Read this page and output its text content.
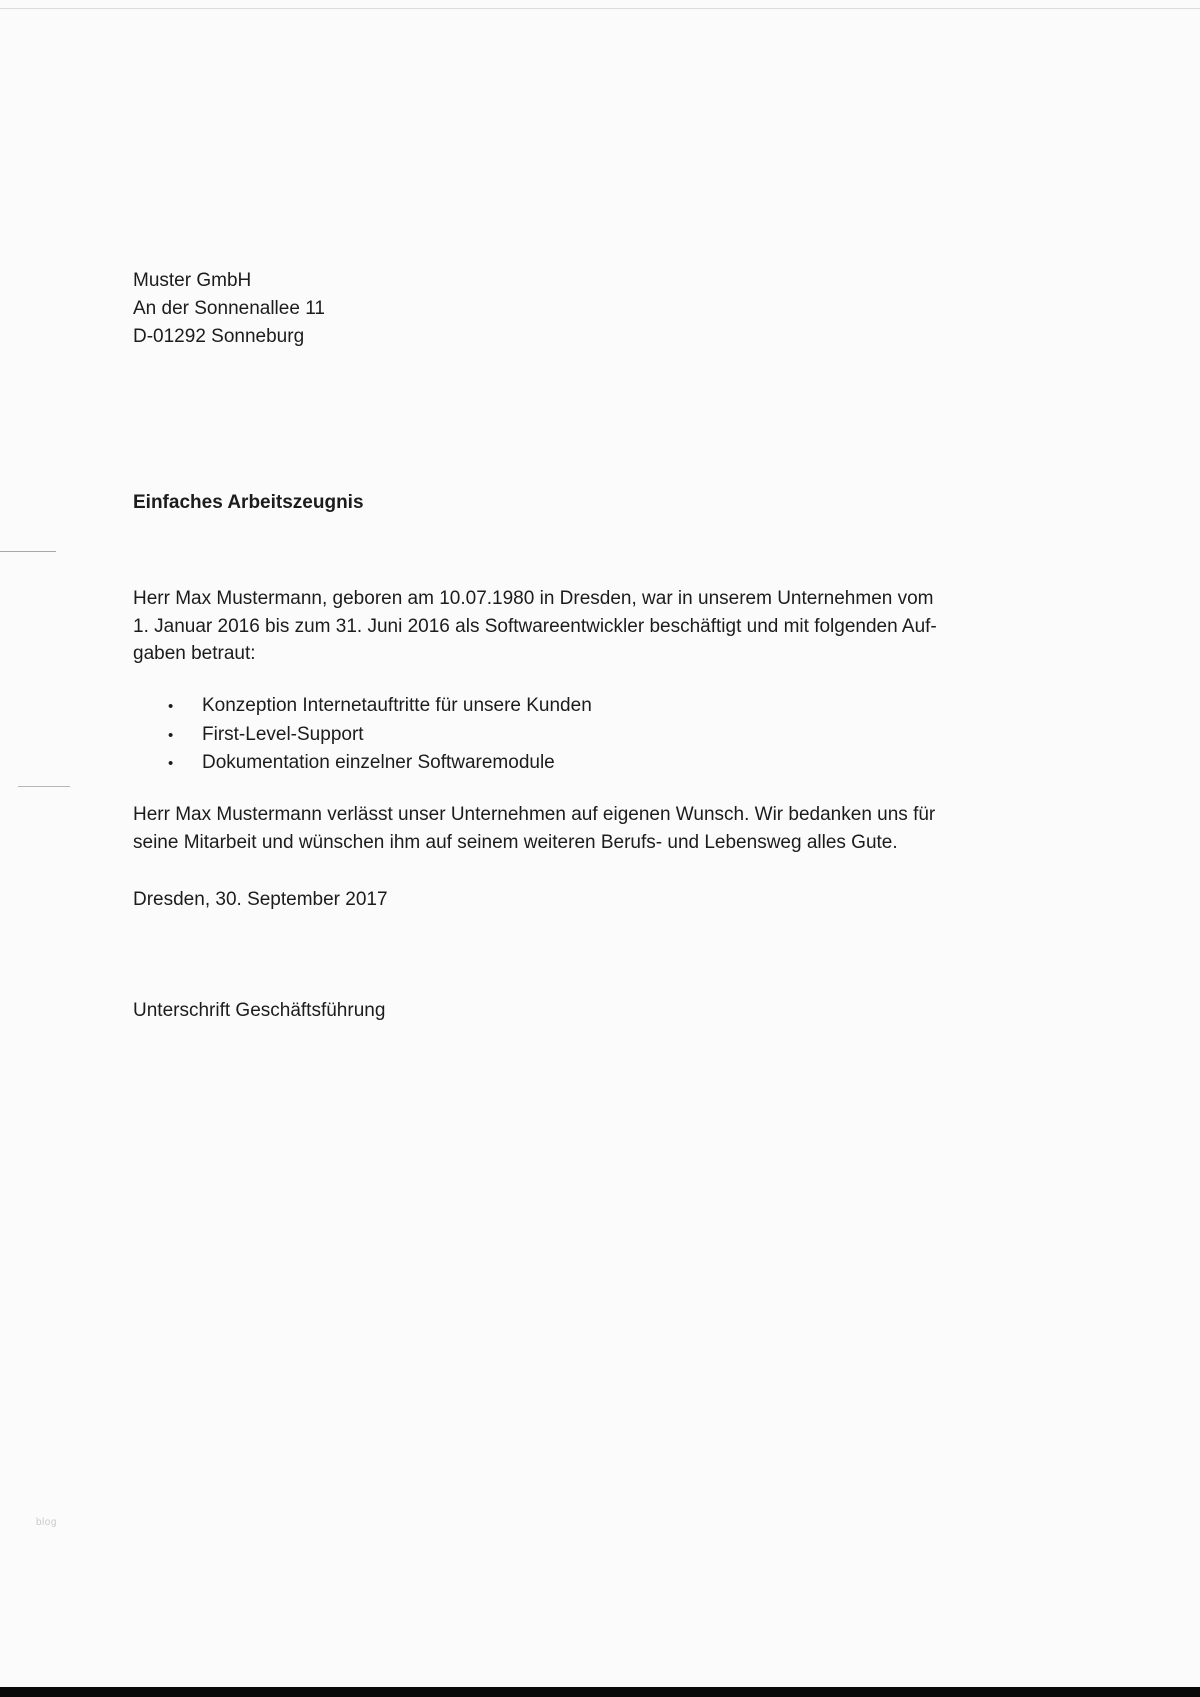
Muster GmbH
An der Sonnenallee 11
D-01292 Sonneburg
Einfaches Arbeitszeugnis
Herr Max Mustermann, geboren am 10.07.1980 in Dresden, war in unserem Unternehmen vom
1. Januar 2016 bis zum 31. Juni 2016 als Softwareentwickler beschäftigt und mit folgenden Auf-
gaben betraut:
•
Konzeption Internetauftritte für unsere Kunden
•
First-Level-Support
•
Dokumentation einzelner Softwaremodule
Herr Max Mustermann verlässt unser Unternehmen auf eigenen Wunsch. Wir bedanken uns für
seine Mitarbeit und wünschen ihm auf seinem weiteren Berufs- und Lebensweg alles Gute.
Dresden, 30. September 2017
Unterschrift Geschäftsführung
blog
